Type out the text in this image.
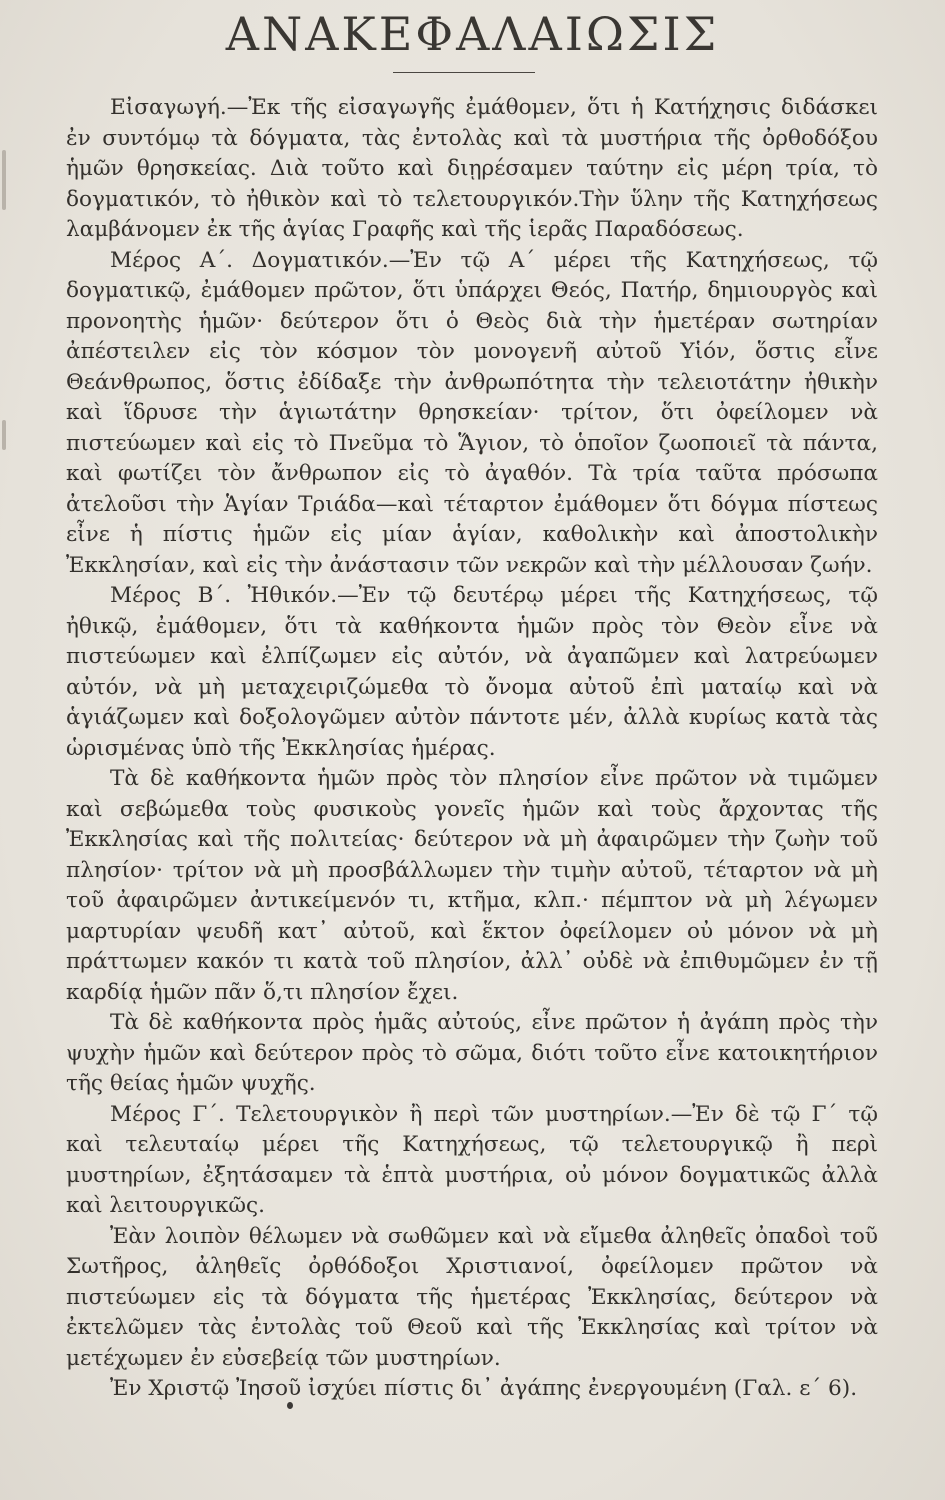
ΑΝΑΚΕΦΑΛΑΙΩΣΙΣ

Εἰσαγωγή.—Ἐκ τῆς εἰσαγωγῆς ἐμάθομεν, ὅτι ἡ Κατήχησις διδάσκει ἐν συντόμῳ τὰ δόγματα, τὰς ἐντολὰς καὶ τὰ μυστήρια τῆς ὀρθοδόξου ἡμῶν θρησκείας. Διὰ τοῦτο καὶ διῃρέσαμεν ταύτην εἰς μέρη τρία, τὸ δογματικόν, τὸ ἠθικὸν καὶ τὸ τελετουργικόν.Τὴν ὕλην τῆς Κατηχήσεως λαμβάνομεν ἐκ τῆς ἁγίας Γραφῆς καὶ τῆς ἱερᾶς Παραδόσεως.

Μέρος Α΄. Δογματικόν.—Ἐν τῷ Α΄ μέρει τῆς Κατηχήσεως, τῷ δογματικῷ, ἐμάθομεν πρῶτον, ὅτι ὑπάρχει Θεός, Πατήρ, δημιουργὸς καὶ προνοητὴς ἡμῶν· δεύτερον ὅτι ὁ Θεὸς διὰ τὴν ἡμετέραν σωτηρίαν ἀπέστειλεν εἰς τὸν κόσμον τὸν μονογενῆ αὐτοῦ Υἱόν, ὅστις εἶνε Θεάνθρωπος, ὅστις ἐδίδαξε τὴν ἀνθρωπότητα τὴν τελειοτάτην ἠθικὴν καὶ ἵδρυσε τὴν ἁγιωτάτην θρησκείαν· τρίτον, ὅτι ὀφείλομεν νὰ πιστεύωμεν καὶ εἰς τὸ Πνεῦμα τὸ Ἅγιον, τὸ ὁποῖον ζωοποιεῖ τὰ πάντα, καὶ φωτίζει τὸν ἄνθρωπον εἰς τὸ ἀγαθόν. Τὰ τρία ταῦτα πρόσωπα ἀτελοῦσι τὴν Ἁγίαν Τριάδα—καὶ τέταρτον ἐμάθομεν ὅτι δόγμα πίστεως εἶνε ἡ πίστις ἡμῶν εἰς μίαν ἁγίαν, καθολικὴν καὶ ἀποστολικὴν Ἐκκλησίαν, καὶ εἰς τὴν ἀνάστασιν τῶν νεκρῶν καὶ τὴν μέλλουσαν ζωήν.

Μέρος Β΄. Ἠθικόν.—Ἐν τῷ δευτέρῳ μέρει τῆς Κατηχήσεως, τῷ ἠθικῷ, ἐμάθομεν, ὅτι τὰ καθήκοντα ἡμῶν πρὸς τὸν Θεὸν εἶνε νὰ πιστεύωμεν καὶ ἐλπίζωμεν εἰς αὐτόν, νὰ ἀγαπῶμεν καὶ λατρεύωμεν αὐτόν, νὰ μὴ μεταχειριζώμεθα τὸ ὄνομα αὐτοῦ ἐπὶ ματαίῳ καὶ νὰ ἁγιάζωμεν καὶ δοξολογῶμεν αὐτὸν πάντοτε μέν, ἀλλὰ κυρίως κατὰ τὰς ὡρισμένας ὑπὸ τῆς Ἐκκλησίας ἡμέρας.

Τὰ δὲ καθήκοντα ἡμῶν πρὸς τὸν πλησίον εἶνε πρῶτον νὰ τιμῶμεν καὶ σεβώμεθα τοὺς φυσικοὺς γονεῖς ἡμῶν καὶ τοὺς ἄρχοντας τῆς Ἐκκλησίας καὶ τῆς πολιτείας· δεύτερον νὰ μὴ ἀφαιρῶμεν τὴν ζωὴν τοῦ πλησίον· τρίτον νὰ μὴ προσβάλλωμεν τὴν τιμὴν αὐτοῦ, τέταρτον νὰ μὴ τοῦ ἀφαιρῶμεν ἀντικείμενόν τι, κτῆμα, κλπ.· πέμπτον νὰ μὴ λέγωμεν μαρτυρίαν ψευδῆ κατ᾽ αὐτοῦ, καὶ ἕκτον ὀφείλομεν οὐ μόνον νὰ μὴ πράττωμεν κακόν τι κατὰ τοῦ πλησίον, ἀλλ᾽ οὐδὲ νὰ ἐπιθυμῶμεν ἐν τῇ καρδίᾳ ἡμῶν πᾶν ὅ,τι πλησίον ἔχει.

Τὰ δὲ καθήκοντα πρὸς ἡμᾶς αὐτούς, εἶνε πρῶτον ἡ ἀγάπη πρὸς τὴν ψυχὴν ἡμῶν καὶ δεύτερον πρὸς τὸ σῶμα, διότι τοῦτο εἶνε κατοικητήριον τῆς θείας ἡμῶν ψυχῆς.

Μέρος Γ΄. Τελετουργικὸν ἢ περὶ τῶν μυστηρίων.—Ἐν δὲ τῷ Γ΄ τῷ καὶ τελευταίῳ μέρει τῆς Κατηχήσεως, τῷ τελετουργικῷ ἢ περὶ μυστηρίων, ἐξητάσαμεν τὰ ἑπτὰ μυστήρια, οὐ μόνον δογματικῶς ἀλλὰ καὶ λειτουργικῶς.

Ἐὰν λοιπὸν θέλωμεν νὰ σωθῶμεν καὶ νὰ εἴμεθα ἀληθεῖς ὀπαδοὶ τοῦ Σωτῆρος, ἀληθεῖς ὀρθόδοξοι Χριστιανοί, ὀφείλομεν πρῶτον νὰ πιστεύωμεν εἰς τὰ δόγματα τῆς ἡμετέρας Ἐκκλησίας, δεύτερον νὰ ἐκτελῶμεν τὰς ἐντολὰς τοῦ Θεοῦ καὶ τῆς Ἐκκλησίας καὶ τρίτον νὰ μετέχωμεν ἐν εὐσεβείᾳ τῶν μυστηρίων.

Ἐν Χριστῷ Ἰησοῦ ἰσχύει πίστις δι᾽ ἀγάπης ἐνεργουμένη (Γαλ. ε΄ 6).
